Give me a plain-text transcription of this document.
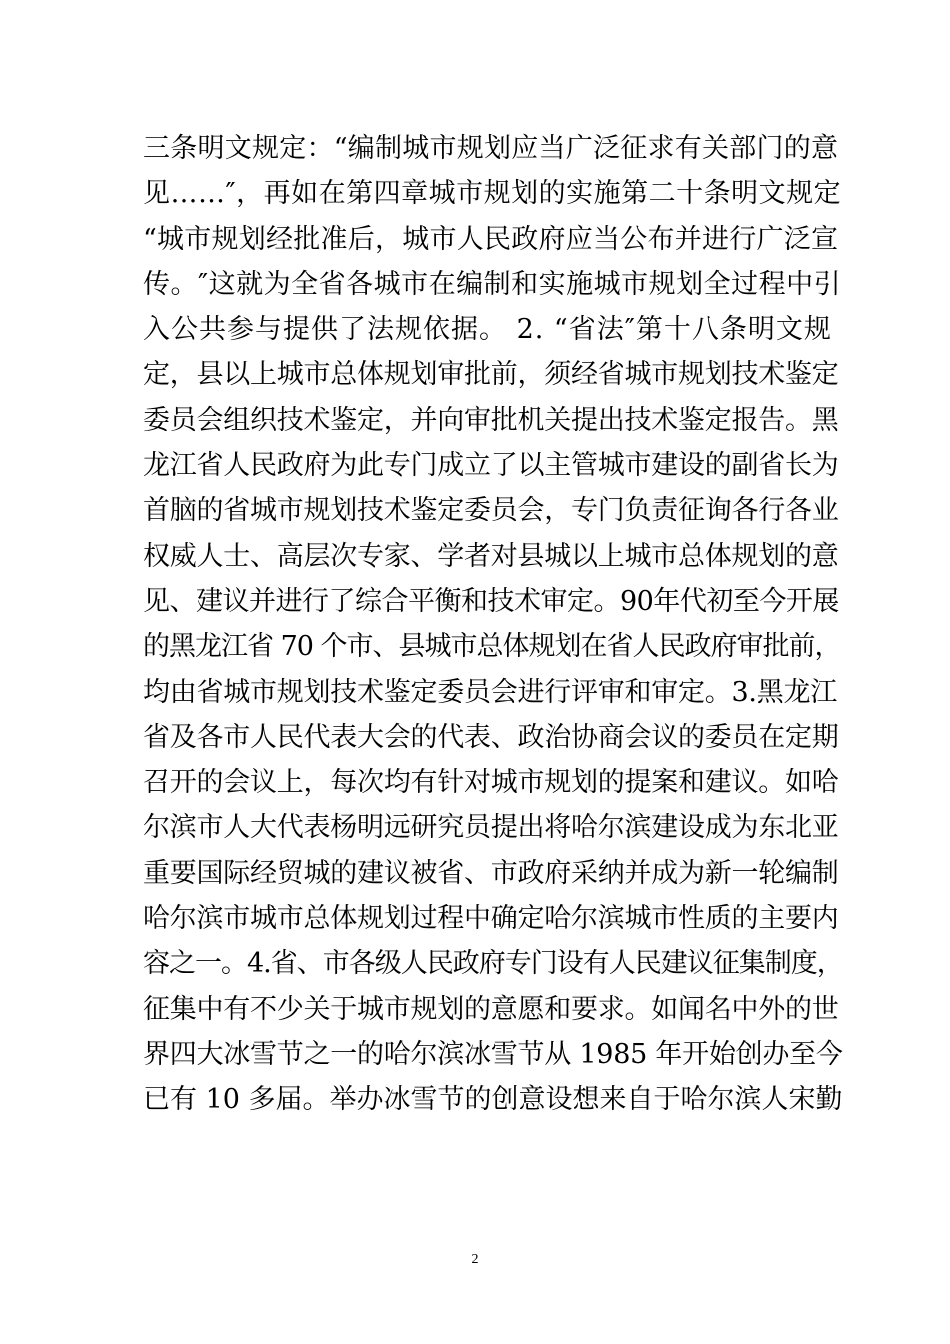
三条明文规定：“编制城市规划应当广泛征求有关部门的意
见……″，再如在第四章城市规划的实施第二十条明文规定
“城市规划经批准后，城市人民政府应当公布并进行广泛宣
传。″这就为全省各城市在编制和实施城市规划全过程中引
入公共参与提供了法规依据。 2. “省法″第十八条明文规
定，县以上城市总体规划审批前，须经省城市规划技术鉴定
委员会组织技术鉴定，并向审批机关提出技术鉴定报告。黑
龙江省人民政府为此专门成立了以主管城市建设的副省长为
首脑的省城市规划技术鉴定委员会，专门负责征询各行各业
权威人士、高层次专家、学者对县城以上城市总体规划的意
见、建议并进行了综合平衡和技术审定。90年代初至今开展
的黑龙江省 70 个市、县城市总体规划在省人民政府审批前，
均由省城市规划技术鉴定委员会进行评审和审定。3.黑龙江
省及各市人民代表大会的代表、政治协商会议的委员在定期
召开的会议上，每次均有针对城市规划的提案和建议。如哈
尔滨市人大代表杨明远研究员提出将哈尔滨建设成为东北亚
重要国际经贸城的建议被省、市政府采纳并成为新一轮编制
哈尔滨市城市总体规划过程中确定哈尔滨城市性质的主要内
容之一。4.省、市各级人民政府专门设有人民建议征集制度，
征集中有不少关于城市规划的意愿和要求。如闻名中外的世
界四大冰雪节之一的哈尔滨冰雪节从 1985 年开始创办至今
已有 10 多届。举办冰雪节的创意设想来自于哈尔滨人宋勤
2
